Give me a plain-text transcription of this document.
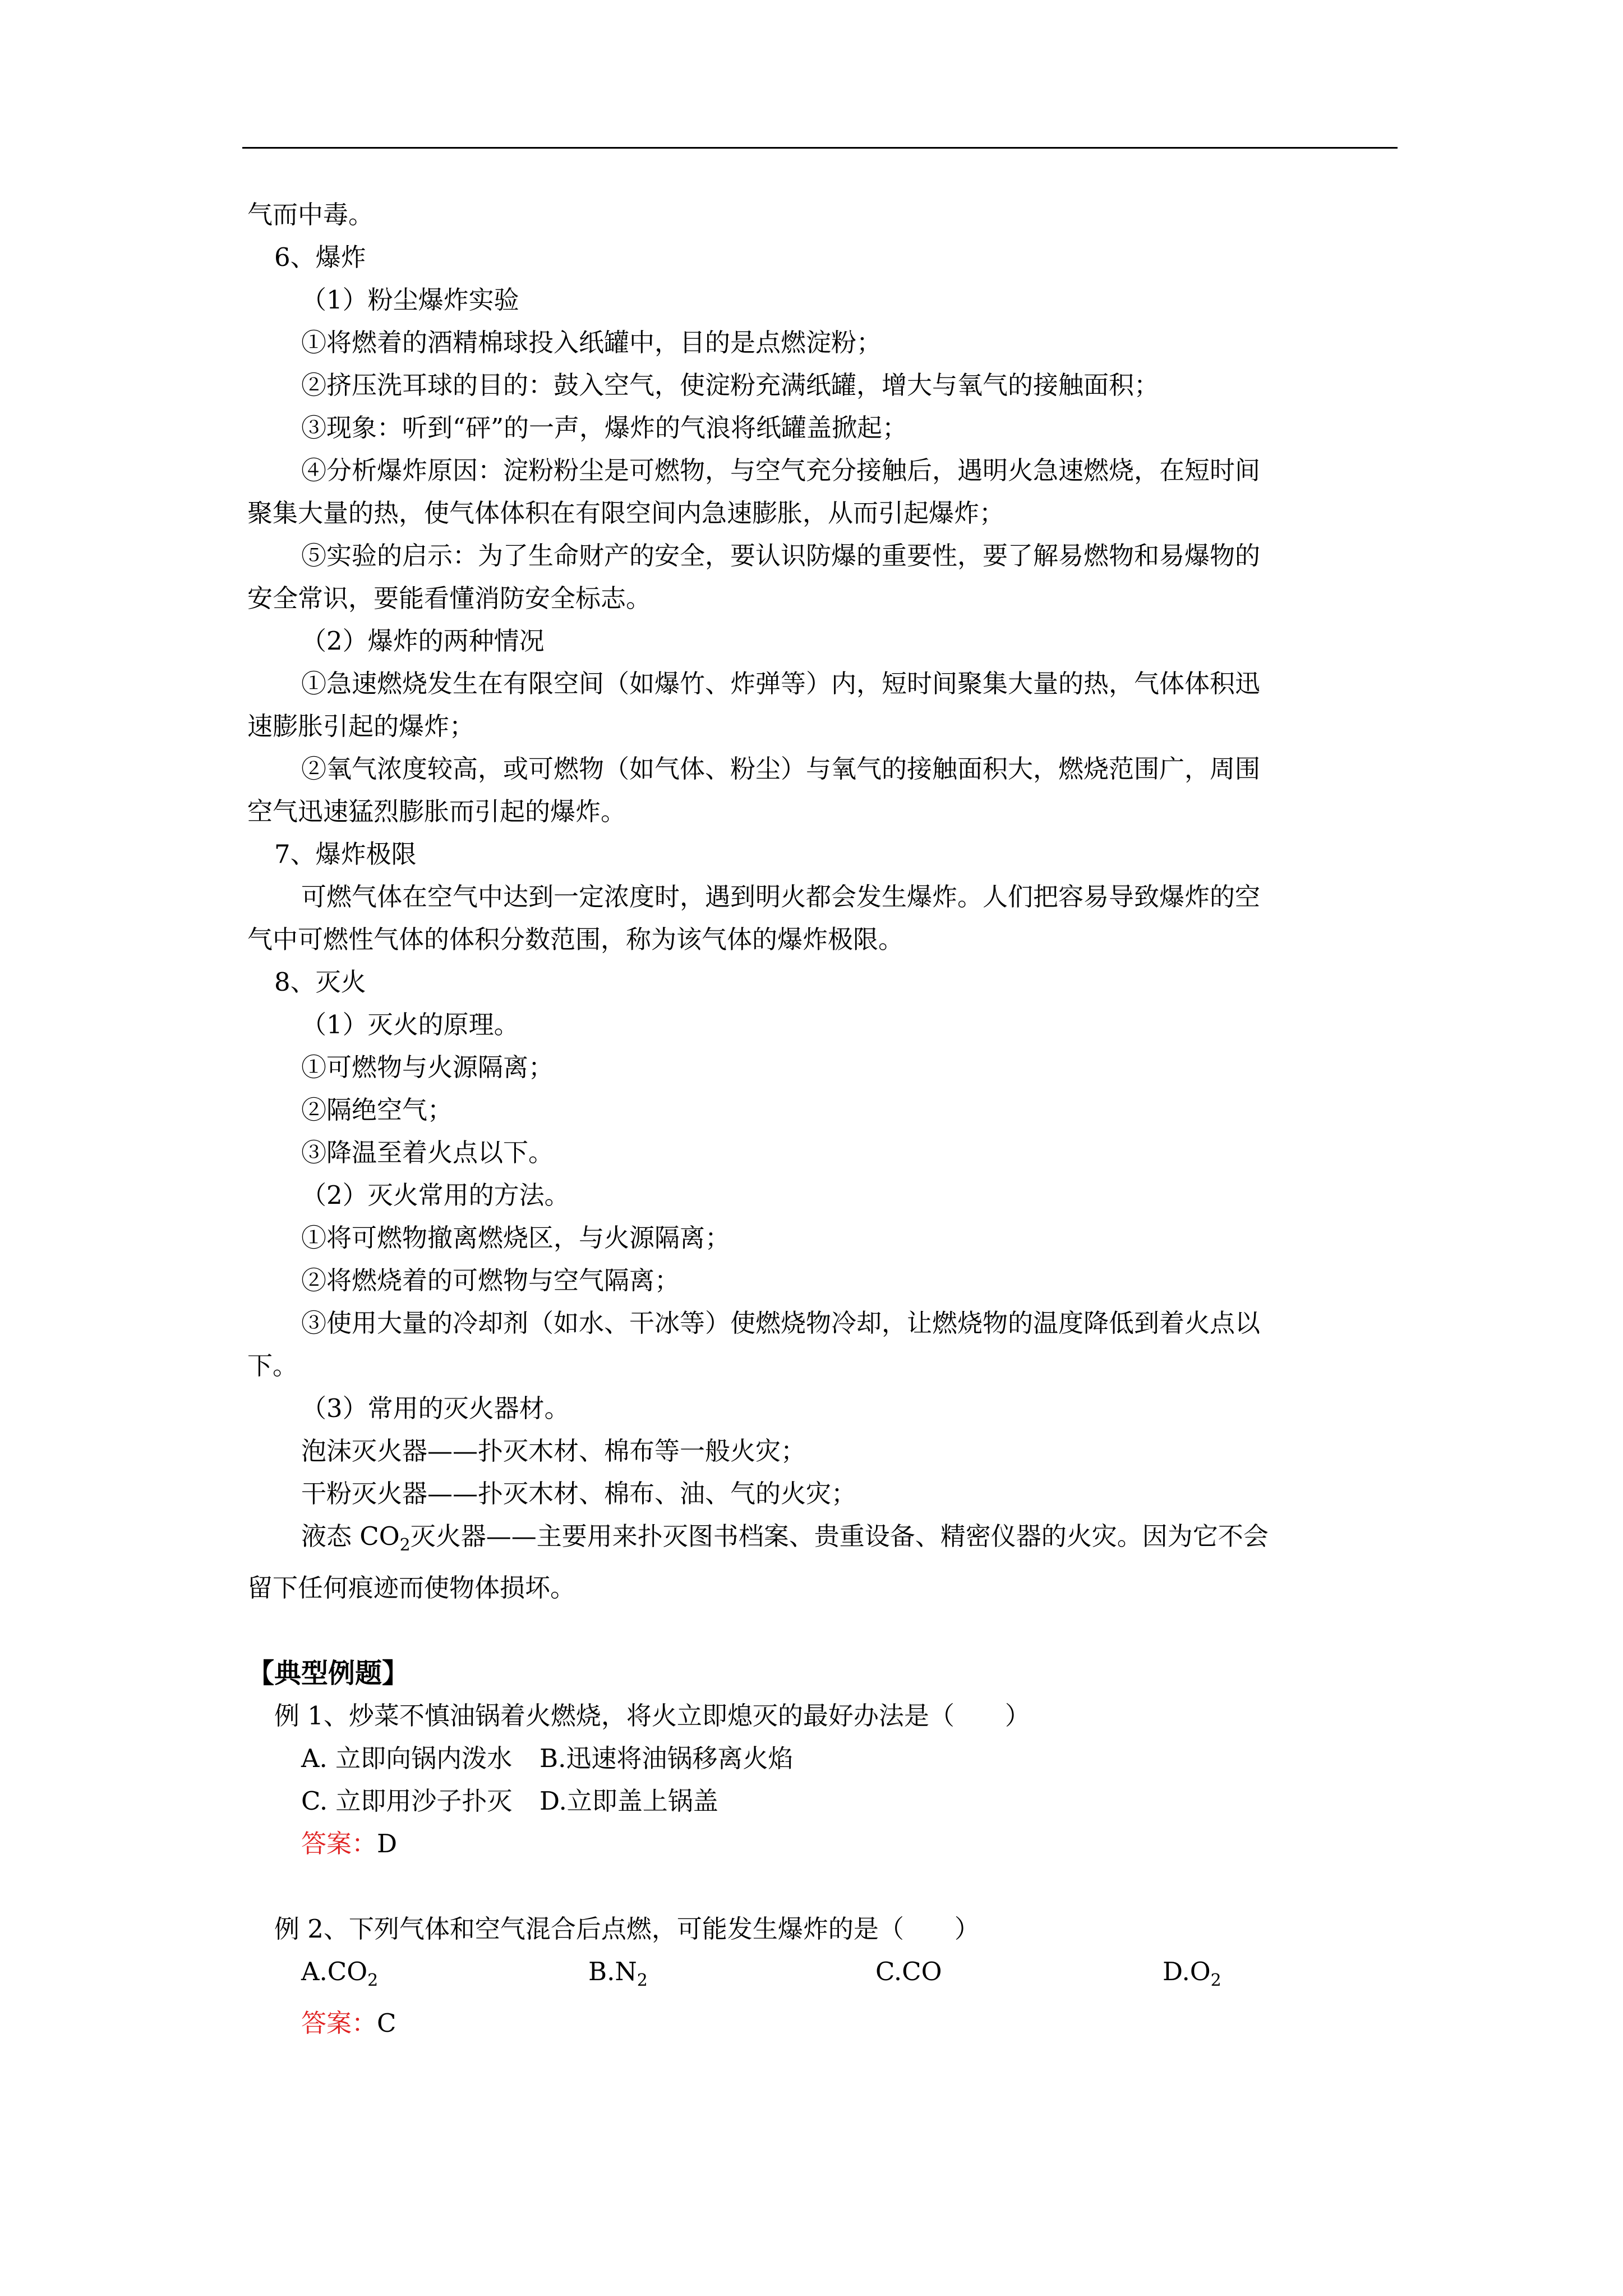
气而中毒。

6、爆炸

（1）粉尘爆炸实验

①将燃着的酒精棉球投入纸罐中，目的是点燃淀粉；

②挤压洗耳球的目的：鼓入空气，使淀粉充满纸罐，增大与氧气的接触面积；

③现象：听到“砰”的一声，爆炸的气浪将纸罐盖掀起；

④分析爆炸原因：淀粉粉尘是可燃物，与空气充分接触后，遇明火急速燃烧，在短时间

聚集大量的热，使气体体积在有限空间内急速膨胀，从而引起爆炸；

⑤实验的启示：为了生命财产的安全，要认识防爆的重要性，要了解易燃物和易爆物的

安全常识，要能看懂消防安全标志。

（2）爆炸的两种情况

①急速燃烧发生在有限空间（如爆竹、炸弹等）内，短时间聚集大量的热，气体体积迅

速膨胀引起的爆炸；

②氧气浓度较高，或可燃物（如气体、粉尘）与氧气的接触面积大，燃烧范围广，周围

空气迅速猛烈膨胀而引起的爆炸。

7、爆炸极限

可燃气体在空气中达到一定浓度时，遇到明火都会发生爆炸。人们把容易导致爆炸的空

气中可燃性气体的体积分数范围，称为该气体的爆炸极限。

8、灭火

（1）灭火的原理。

①可燃物与火源隔离；

②隔绝空气；

③降温至着火点以下。

（2）灭火常用的方法。

①将可燃物撤离燃烧区，与火源隔离；

②将燃烧着的可燃物与空气隔离；

③使用大量的冷却剂（如水、干冰等）使燃烧物冷却，让燃烧物的温度降低到着火点以

下。

（3）常用的灭火器材。

泡沫灭火器——扑灭木材、棉布等一般火灾；

干粉灭火器——扑灭木材、棉布、油、气的火灾；

液态 $CO_2$灭火器——主要用来扑灭图书档案、贵重设备、精密仪器的火灾。因为它不会

留下任何痕迹而使物体损坏。

【典型例题】

例 1、炒菜不慎油锅着火燃烧，将火立即熄灭的最好办法是（　　）

A. 立即向锅内泼水 B.迅速将油锅移离火焰

C. 立即用沙子扑灭 D.立即盖上锅盖

答案：D

例 2、下列气体和空气混合后点燃，可能发生爆炸的是（　　）

$A.CO_2$	$B.N_2$	C.CO	$D.O_2$

答案：C
